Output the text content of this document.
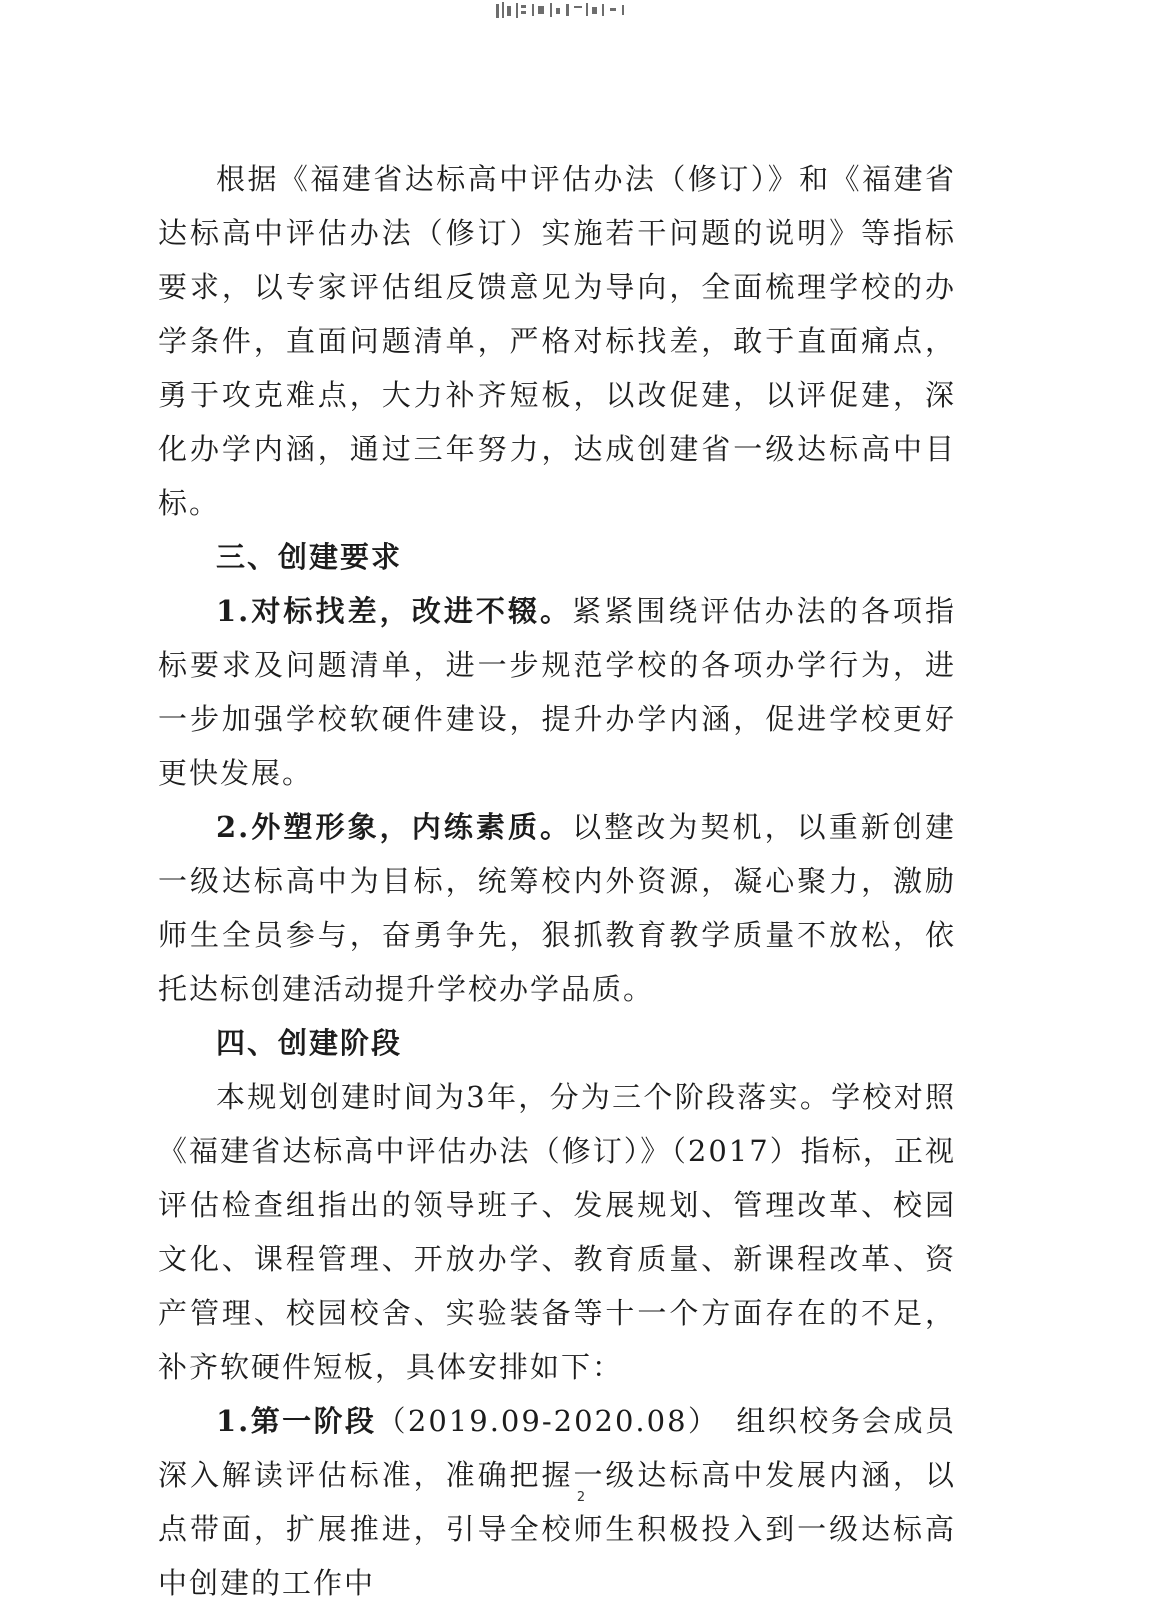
根据《福建省达标高中评估办法（修订）》和《福建省达标高中评估办法（修订）实施若干问题的说明》等指标要求，以专家评估组反馈意见为导向，全面梳理学校的办学条件，直面问题清单，严格对标找差，敢于直面痛点，勇于攻克难点，大力补齐短板，以改促建，以评促建，深化办学内涵，通过三年努力，达成创建省一级达标高中目标。

三、创建要求

1.对标找差，改进不辍。紧紧围绕评估办法的各项指标要求及问题清单，进一步规范学校的各项办学行为，进一步加强学校软硬件建设，提升办学内涵，促进学校更好更快发展。

2.外塑形象，内练素质。以整改为契机，以重新创建一级达标高中为目标，统筹校内外资源，凝心聚力，激励师生全员参与，奋勇争先，狠抓教育教学质量不放松，依托达标创建活动提升学校办学品质。

四、创建阶段

本规划创建时间为3年，分为三个阶段落实。学校对照《福建省达标高中评估办法（修订）》（2017）指标，正视评估检查组指出的领导班子、发展规划、管理改革、校园文化、课程管理、开放办学、教育质量、新课程改革、资产管理、校园校舍、实验装备等十一个方面存在的不足，补齐软硬件短板，具体安排如下：

1.第一阶段（2019.09-2020.08）　组织校务会成员深入解读评估标准，准确把握一级达标高中发展内涵，以点带面，扩展推进，引导全校师生积极投入到一级达标高中创建的工作中

2
